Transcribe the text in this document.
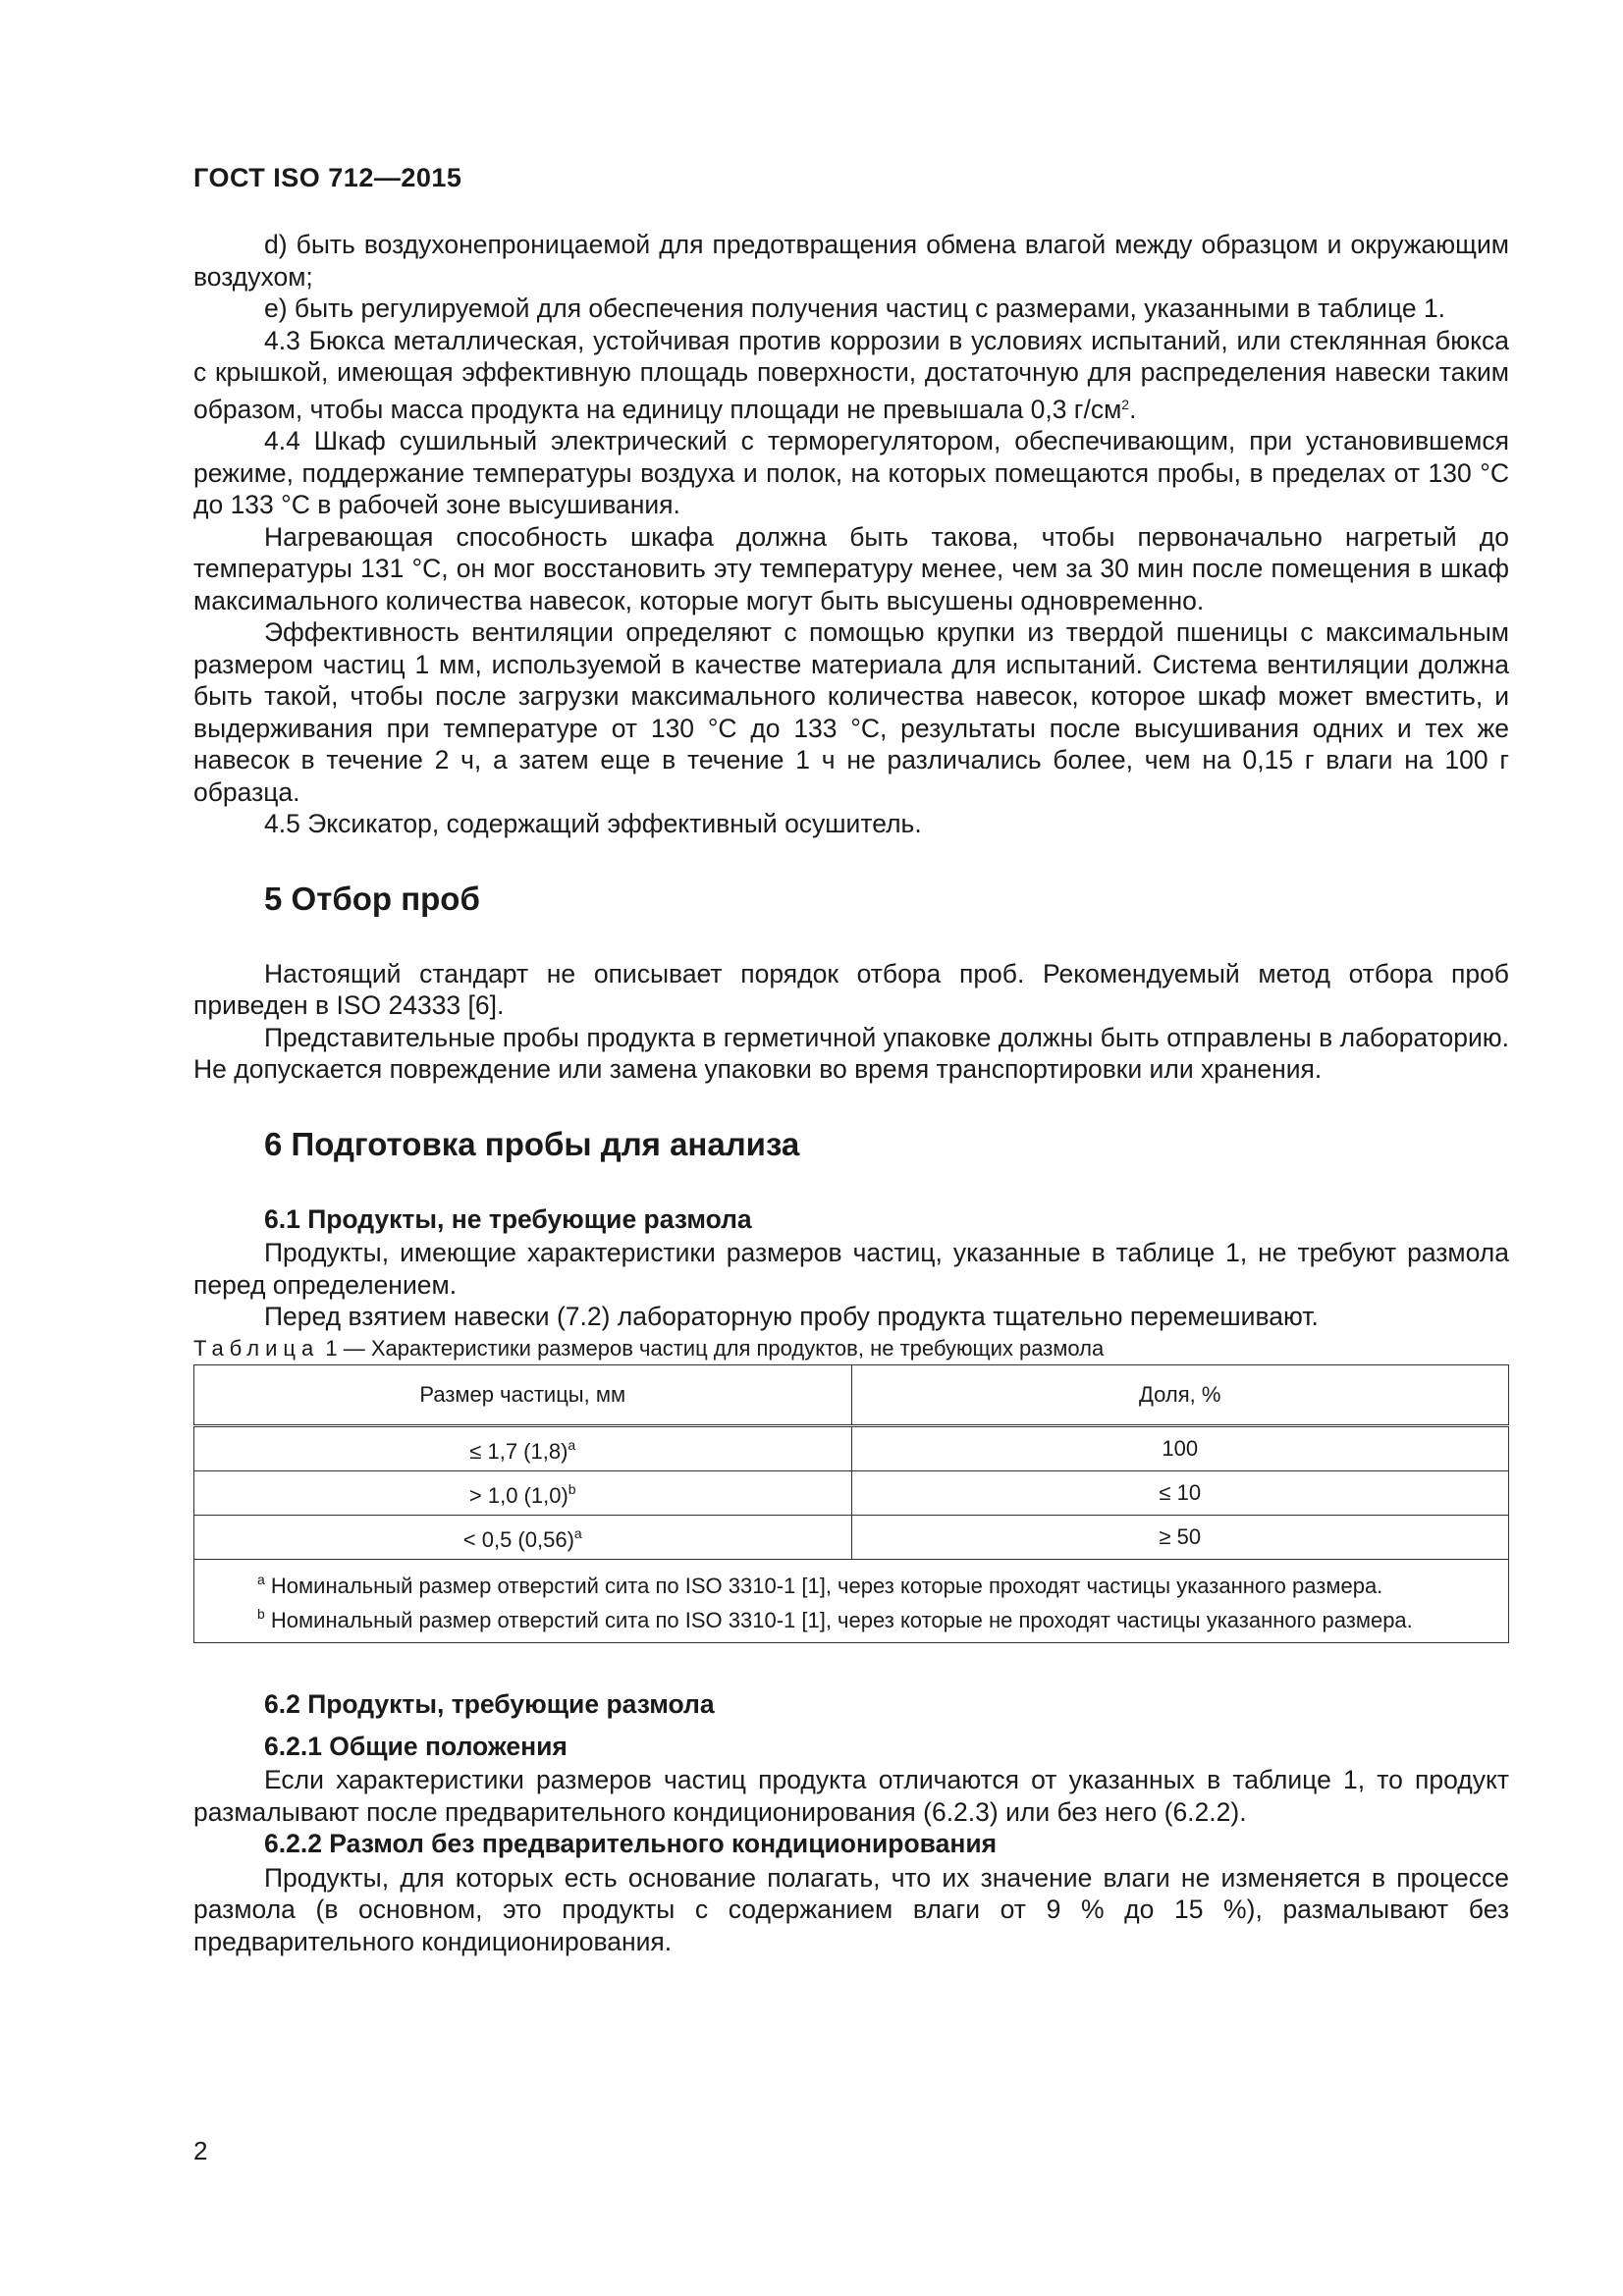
ГОСТ ISO 712—2015

d) быть воздухонепроницаемой для предотвращения обмена влагой между образцом и окружающим воздухом;

e) быть регулируемой для обеспечения получения частиц с размерами, указанными в таблице 1.

4.3 Бюкса металлическая, устойчивая против коррозии в условиях испытаний, или стеклянная бюкса с крышкой, имеющая эффективную площадь поверхности, достаточную для распределения навески таким образом, чтобы масса продукта на единицу площади не превышала 0,3 $г/см^2$.

4.4 Шкаф сушильный электрический с терморегулятором, обеспечивающим, при установившемся режиме, поддержание температуры воздуха и полок, на которых помещаются пробы, в пределах от 130 °С до 133 °С в рабочей зоне высушивания.

Нагревающая способность шкафа должна быть такова, чтобы первоначально нагретый до температуры 131 °С, он мог восстановить эту температуру менее, чем за 30 мин после помещения в шкаф максимального количества навесок, которые могут быть высушены одновременно.

Эффективность вентиляции определяют с помощью крупки из твердой пшеницы с максимальным размером частиц 1 мм, используемой в качестве материала для испытаний. Система вентиляции должна быть такой, чтобы после загрузки максимального количества навесок, которое шкаф может вместить, и выдерживания при температуре от 130 °С до 133 °С, результаты после высушивания одних и тех же навесок в течение 2 ч, а затем еще в течение 1 ч не различались более, чем на 0,15 г влаги на 100 г образца.

4.5 Эксикатор, содержащий эффективный осушитель.

5 Отбор проб

Настоящий стандарт не описывает порядок отбора проб. Рекомендуемый метод отбора проб приведен в ISO 24333 [6].

Представительные пробы продукта в герметичной упаковке должны быть отправлены в лабораторию. Не допускается повреждение или замена упаковки во время транспортировки или хранения.

6 Подготовка пробы для анализа
6.1 Продукты, не требующие размола

Продукты, имеющие характеристики размеров частиц, указанные в таблице 1, не требуют размола перед определением.

Перед взятием навески (7.2) лабораторную пробу продукта тщательно перемешивают.

Таблица 1 — Характеристики размеров частиц для продуктов, не требующих размола

Размер частицы, мм	Доля, %
≤ 1,7 $(1,8)^a$	100
> 1,0 $(1,0)^b$	≤ 10
< 0,5 $(0,56)^a$	≥ 50

$^a$ Номинальный размер отверстий сита по ISO 3310-1 [1], через которые проходят частицы указанного размера.
$^b$ Номинальный размер отверстий сита по ISO 3310-1 [1], через которые не проходят частицы указанного размера.	
6.2 Продукты, требующие размола
6.2.1 Общие положения

Если характеристики размеров частиц продукта отличаются от указанных в таблице 1, то продукт размалывают после предварительного кондиционирования (6.2.3) или без него (6.2.2).

6.2.2 Размол без предварительного кондиционирования

Продукты, для которых есть основание полагать, что их значение влаги не изменяется в процессе размола (в основном, это продукты с содержанием влаги от 9 % до 15 %), размалывают без предварительного кондиционирования.

2
